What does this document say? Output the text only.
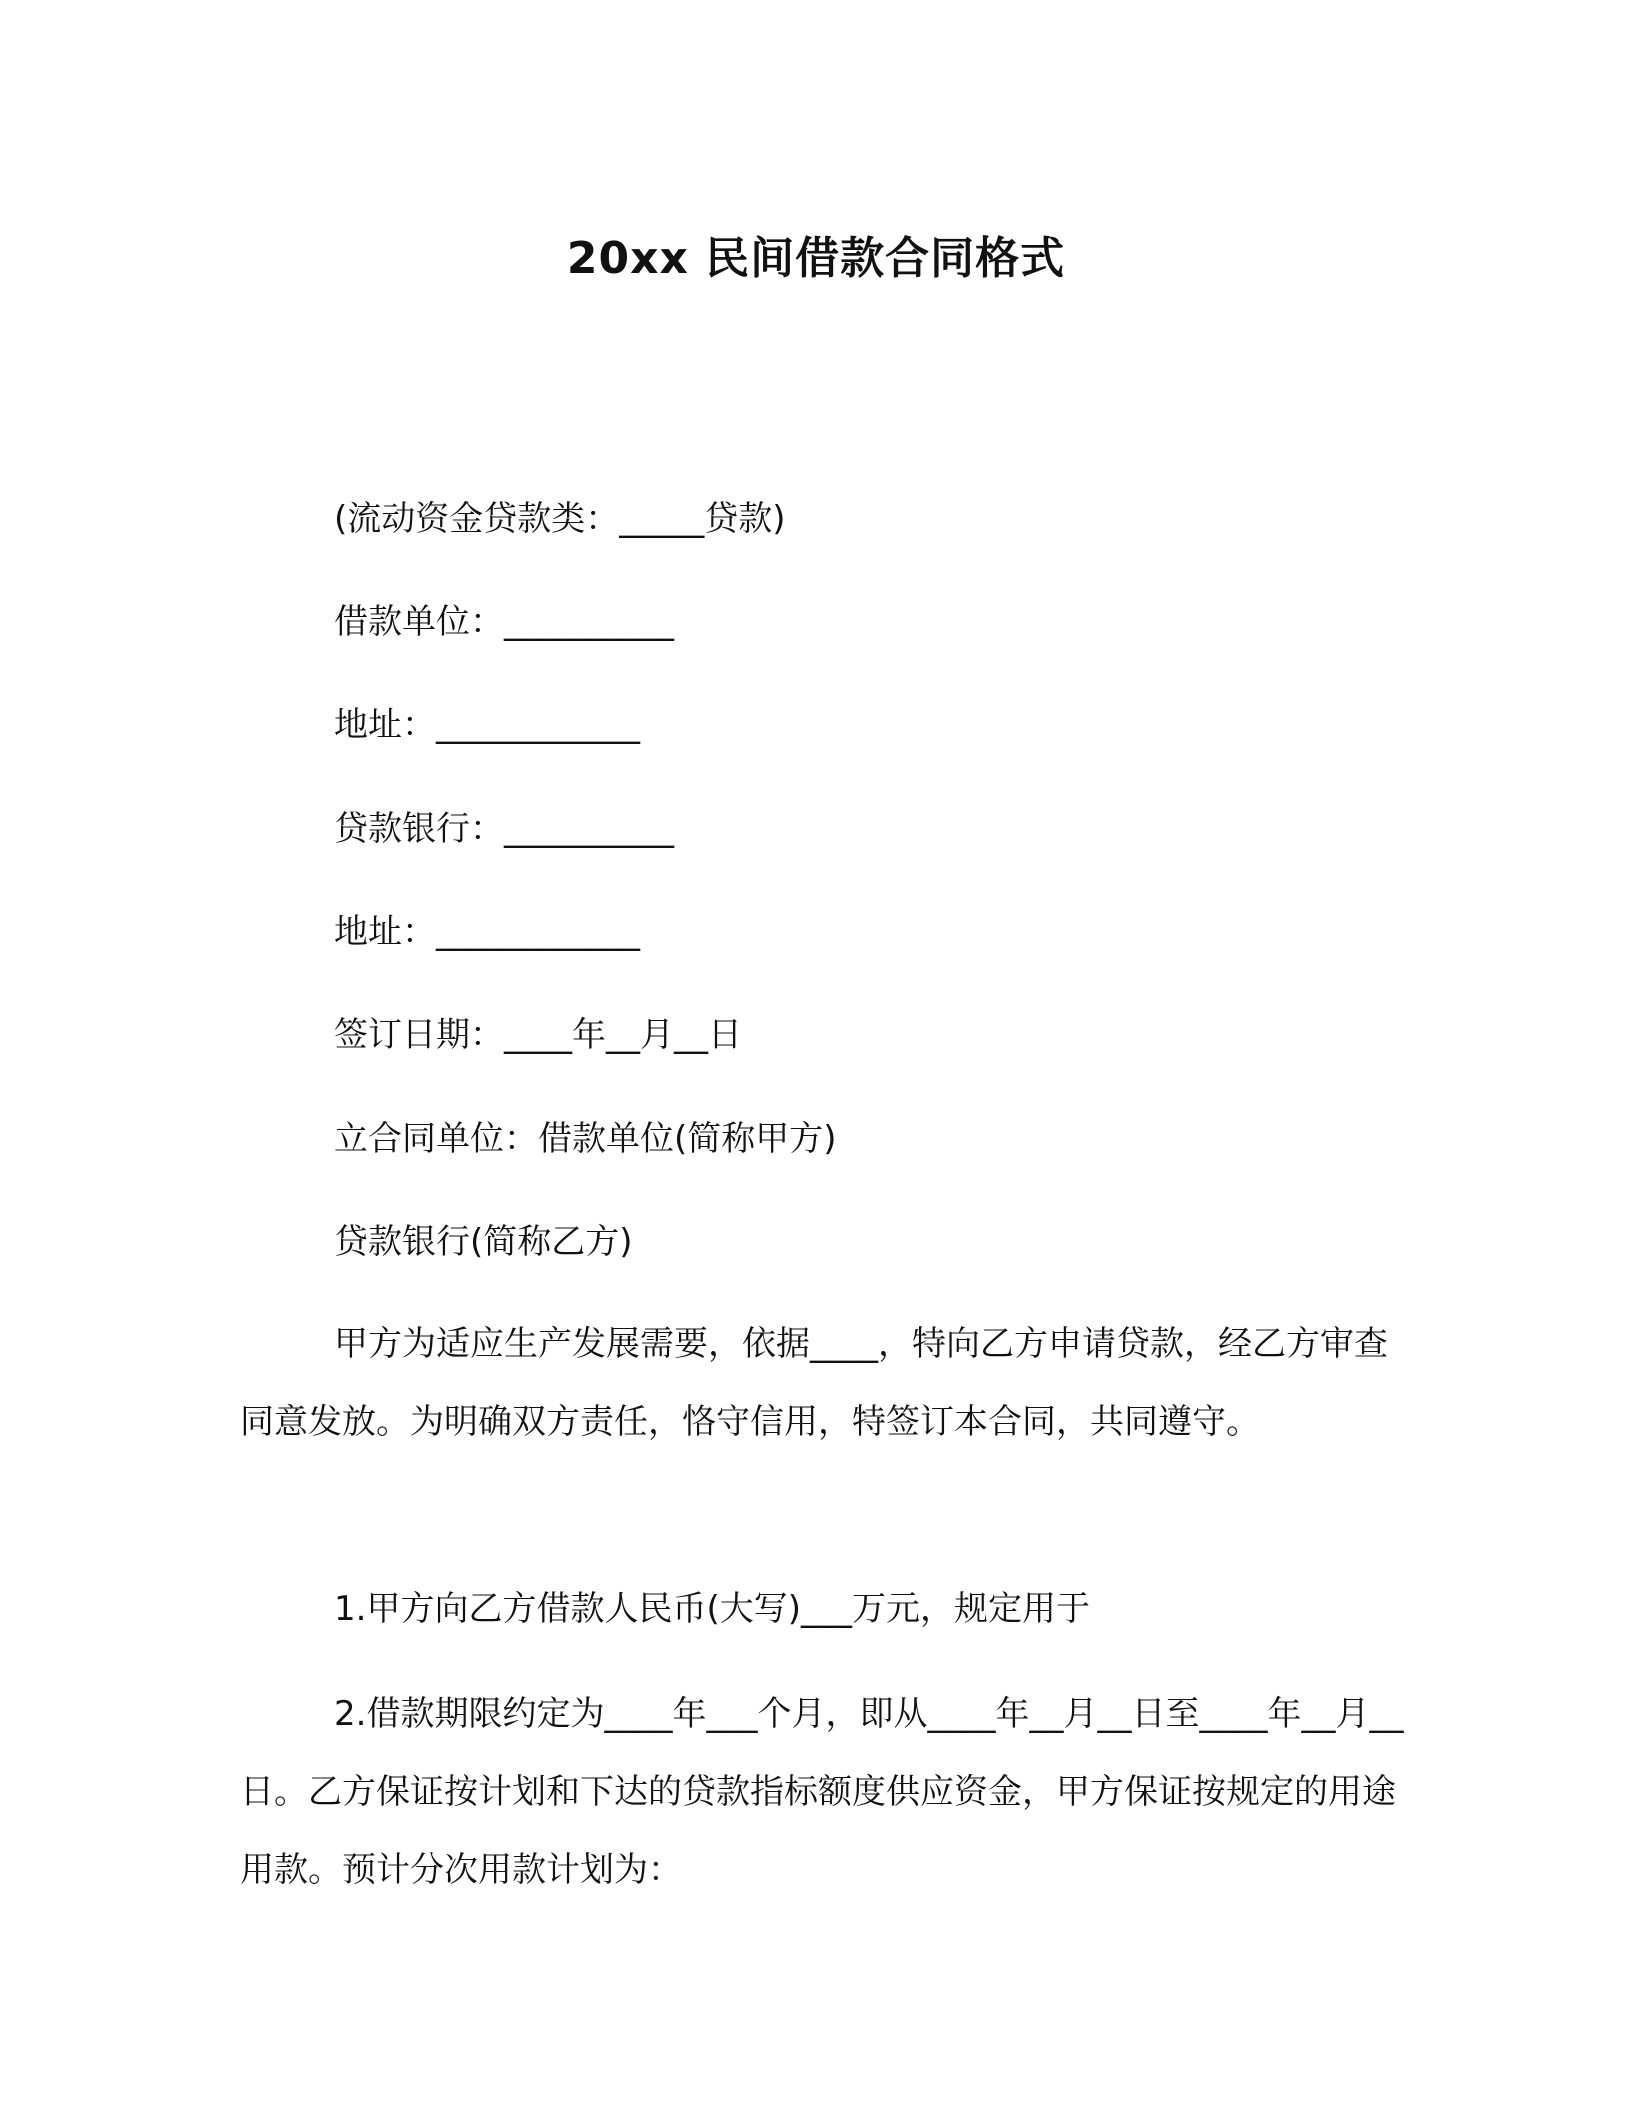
20xx 民间借款合同格式
(流动资金贷款类：_____贷款)
借款单位：__________
地址：____________
贷款银行：__________
地址：____________
签订日期：____年__月__日
立合同单位：借款单位(简称甲方)
贷款银行(简称乙方)

甲方为适应生产发展需要，依据____，特向乙方申请贷款，经乙方审查同意发放。为明确双方责任，恪守信用，特签订本合同，共同遵守。

1.甲方向乙方借款人民币(大写)___万元，规定用于

2.借款期限约定为____年___个月，即从____年__月__日至____年__月__日。乙方保证按计划和下达的贷款指标额度供应资金，甲方保证按规定的用途用款。预计分次用款计划为：
